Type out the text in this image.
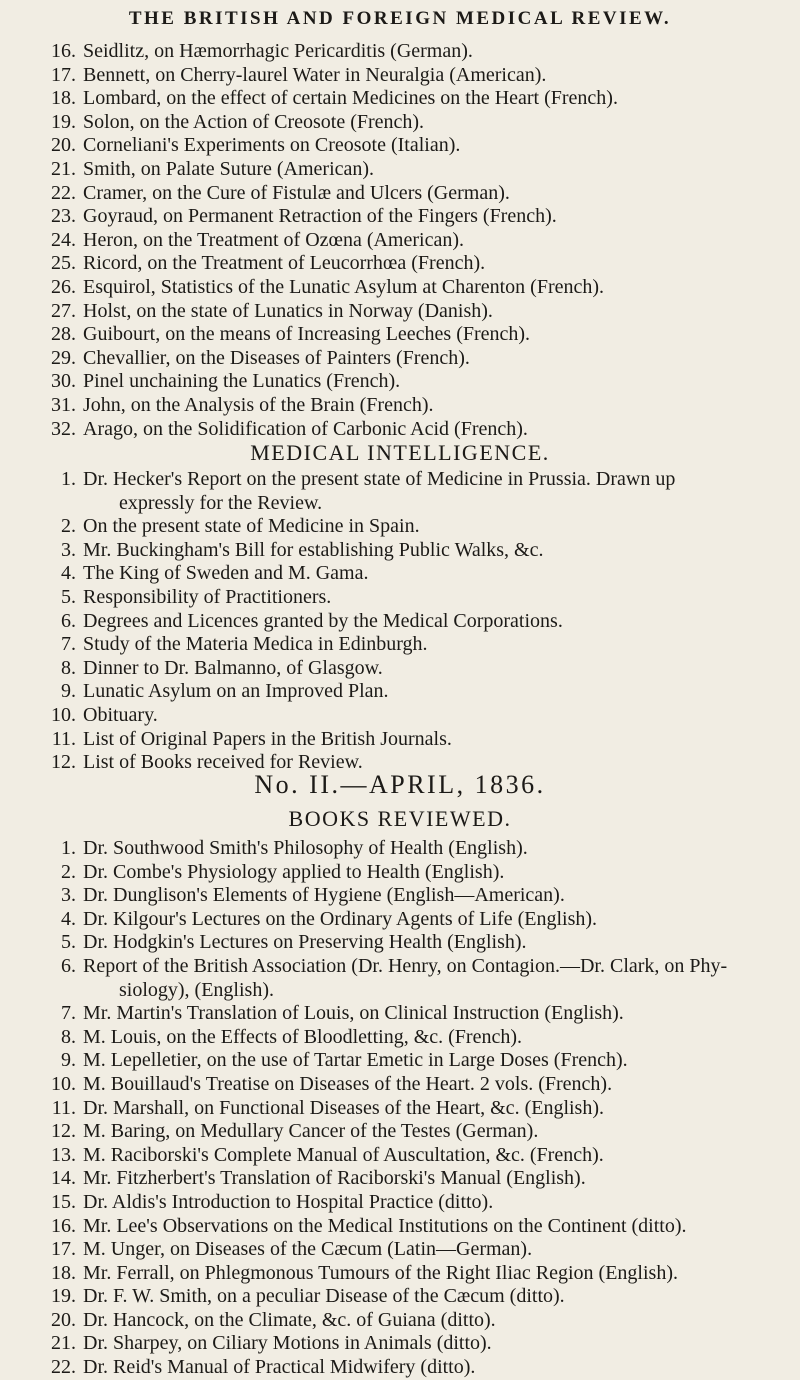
THE BRITISH AND FOREIGN MEDICAL REVIEW.
16. Seidlitz, on Hæmorrhagic Pericarditis (German).
17. Bennett, on Cherry-laurel Water in Neuralgia (American).
18. Lombard, on the effect of certain Medicines on the Heart (French).
19. Solon, on the Action of Creosote (French).
20. Corneliani's Experiments on Creosote (Italian).
21. Smith, on Palate Suture (American).
22. Cramer, on the Cure of Fistulæ and Ulcers (German).
23. Goyraud, on Permanent Retraction of the Fingers (French).
24. Heron, on the Treatment of Ozœna (American).
25. Ricord, on the Treatment of Leucorrhœa (French).
26. Esquirol, Statistics of the Lunatic Asylum at Charenton (French).
27. Holst, on the state of Lunatics in Norway (Danish).
28. Guibourt, on the means of Increasing Leeches (French).
29. Chevallier, on the Diseases of Painters (French).
30. Pinel unchaining the Lunatics (French).
31. John, on the Analysis of the Brain (French).
32. Arago, on the Solidification of Carbonic Acid (French).
MEDICAL INTELLIGENCE.
1. Dr. Hecker's Report on the present state of Medicine in Prussia. Drawn up
expressly for the Review.
2. On the present state of Medicine in Spain.
3. Mr. Buckingham's Bill for establishing Public Walks, &c.
4. The King of Sweden and M. Gama.
5. Responsibility of Practitioners.
6. Degrees and Licences granted by the Medical Corporations.
7. Study of the Materia Medica in Edinburgh.
8. Dinner to Dr. Balmanno, of Glasgow.
9. Lunatic Asylum on an Improved Plan.
10. Obituary.
11. List of Original Papers in the British Journals.
12. List of Books received for Review.
No. II.—APRIL, 1836.
BOOKS REVIEWED.
1. Dr. Southwood Smith's Philosophy of Health (English).
2. Dr. Combe's Physiology applied to Health (English).
3. Dr. Dunglison's Elements of Hygiene (English—American).
4. Dr. Kilgour's Lectures on the Ordinary Agents of Life (English).
5. Dr. Hodgkin's Lectures on Preserving Health (English).
6. Report of the British Association (Dr. Henry, on Contagion.—Dr. Clark, on Phy-
siology), (English).
7. Mr. Martin's Translation of Louis, on Clinical Instruction (English).
8. M. Louis, on the Effects of Bloodletting, &c. (French).
9. M. Lepelletier, on the use of Tartar Emetic in Large Doses (French).
10. M. Bouillaud's Treatise on Diseases of the Heart. 2 vols. (French).
11. Dr. Marshall, on Functional Diseases of the Heart, &c. (English).
12. M. Baring, on Medullary Cancer of the Testes (German).
13. M. Raciborski's Complete Manual of Auscultation, &c. (French).
14. Mr. Fitzherbert's Translation of Raciborski's Manual (English).
15. Dr. Aldis's Introduction to Hospital Practice (ditto).
16. Mr. Lee's Observations on the Medical Institutions on the Continent (ditto).
17. M. Unger, on Diseases of the Cæcum (Latin—German).
18. Mr. Ferrall, on Phlegmonous Tumours of the Right Iliac Region (English).
19. Dr. F. W. Smith, on a peculiar Disease of the Cæcum (ditto).
20. Dr. Hancock, on the Climate, &c. of Guiana (ditto).
21. Dr. Sharpey, on Ciliary Motions in Animals (ditto).
22. Dr. Reid's Manual of Practical Midwifery (ditto).
